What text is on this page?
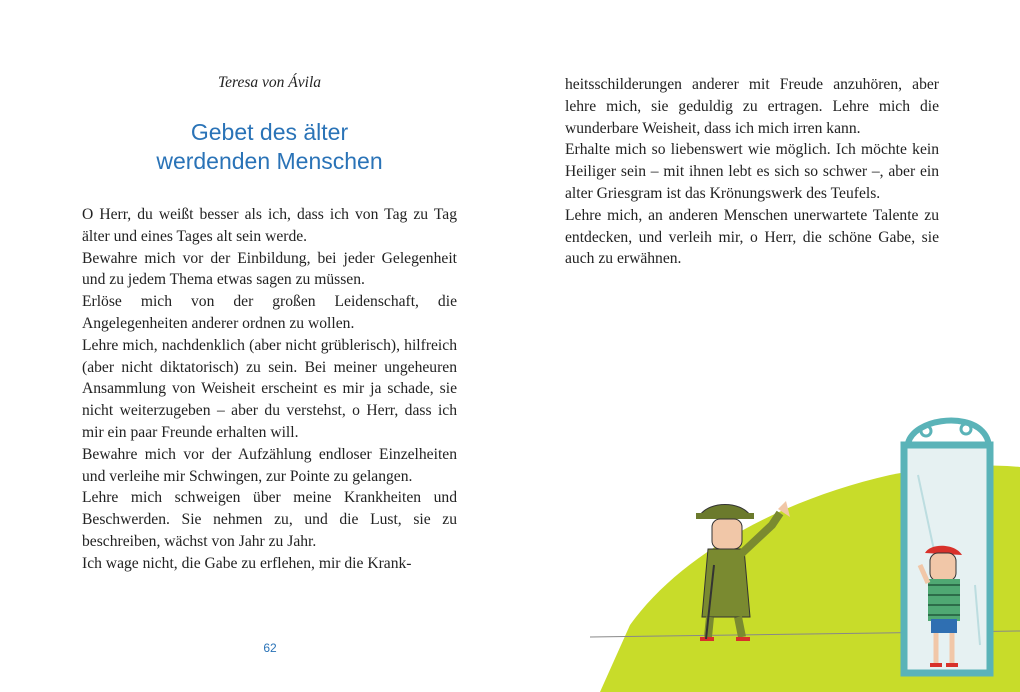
Teresa von Ávila
Gebet des älter
werdenden Menschen

O Herr, du weißt besser als ich, dass ich von Tag zu Tag älter und eines Tages alt sein werde.

Bewahre mich vor der Einbildung, bei jeder Gelegenheit und zu jedem Thema etwas sagen zu müssen.

Erlöse mich von der großen Leidenschaft, die Angelegenheiten anderer ordnen zu wollen.

Lehre mich, nachdenklich (aber nicht grüblerisch), hilfreich (aber nicht diktatorisch) zu sein. Bei meiner ungeheuren Ansammlung von Weisheit erscheint es mir ja schade, sie nicht weiterzugeben – aber du verstehst, o Herr, dass ich mir ein paar Freunde erhalten will.

Bewahre mich vor der Aufzählung endloser Einzelheiten und verleihe mir Schwingen, zur Pointe zu gelangen.

Lehre mich schweigen über meine Krankheiten und Beschwerden. Sie nehmen zu, und die Lust, sie zu beschreiben, wächst von Jahr zu Jahr.

Ich wage nicht, die Gabe zu erflehen, mir die Krank-

62

heitsschilderungen anderer mit Freude anzuhören, aber lehre mich, sie geduldig zu ertragen. Lehre mich die wunderbare Weisheit, dass ich mich irren kann.

Erhalte mich so liebenswert wie möglich. Ich möchte kein Heiliger sein – mit ihnen lebt es sich so schwer –, aber ein alter Griesgram ist das Krönungswerk des Teufels.

Lehre mich, an anderen Menschen unerwartete Talente zu entdecken, und verleih mir, o Herr, die schöne Gabe, sie auch zu erwähnen.
